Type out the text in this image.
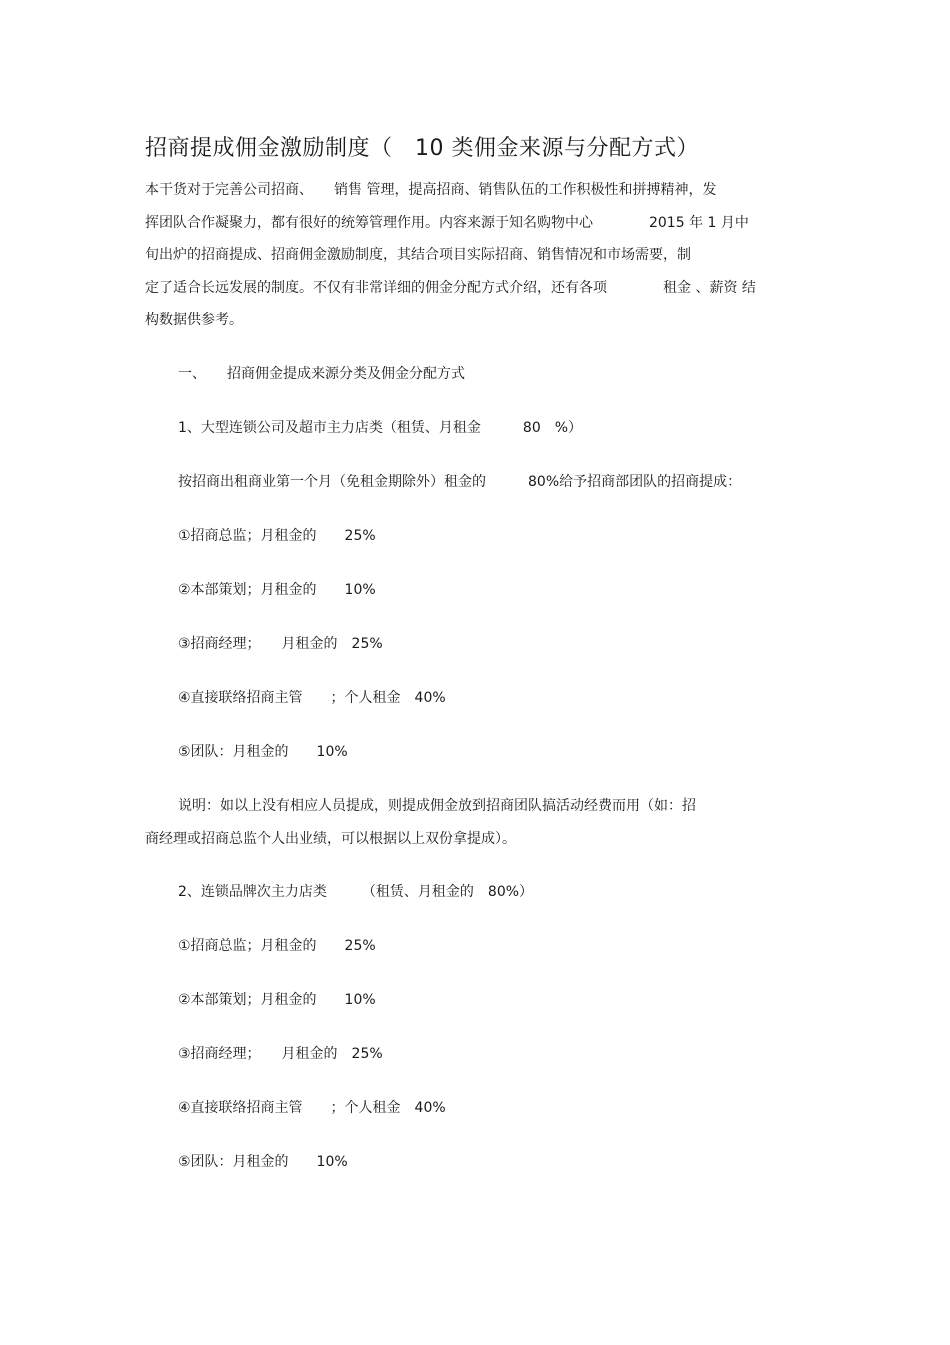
招商提成佣金激励制度（　10 类佣金来源与分配方式）
本干货对于完善公司招商、　　销售 管理，提高招商、销售队伍的工作积极性和拼搏精神，发
挥团队合作凝聚力，都有很好的统筹管理作用。内容来源于知名购物中心　　　　2015 年 1 月中
旬出炉的招商提成、招商佣金激励制度，其结合项目实际招商、销售情况和市场需要，制
定了适合长远发展的制度。不仅有非常详细的佣金分配方式介绍，还有各项　　　　租金 、薪资 结
构数据供参考。
一、　　招商佣金提成来源分类及佣金分配方式
1、大型连锁公司及超市主力店类（租赁、月租金　　　80　%）
按招商出租商业第一个月（免租金期除外）租金的　　　80%给予招商部团队的招商提成：
①招商总监；月租金的　　25%
②本部策划；月租金的　　10%
③招商经理；　　月租金的　25%
④直接联络招商主管　　；个人租金　40%
⑤团队：月租金的　　10%
说明：如以上没有相应人员提成，则提成佣金放到招商团队搞活动经费而用（如：招
商经理或招商总监个人出业绩，可以根据以上双份拿提成）。
2、连锁品牌次主力店类　　　（租赁、月租金的　80%）
①招商总监；月租金的　　25%
②本部策划；月租金的　　10%
③招商经理；　　月租金的　25%
④直接联络招商主管　　；个人租金　40%
⑤团队：月租金的　　10%
